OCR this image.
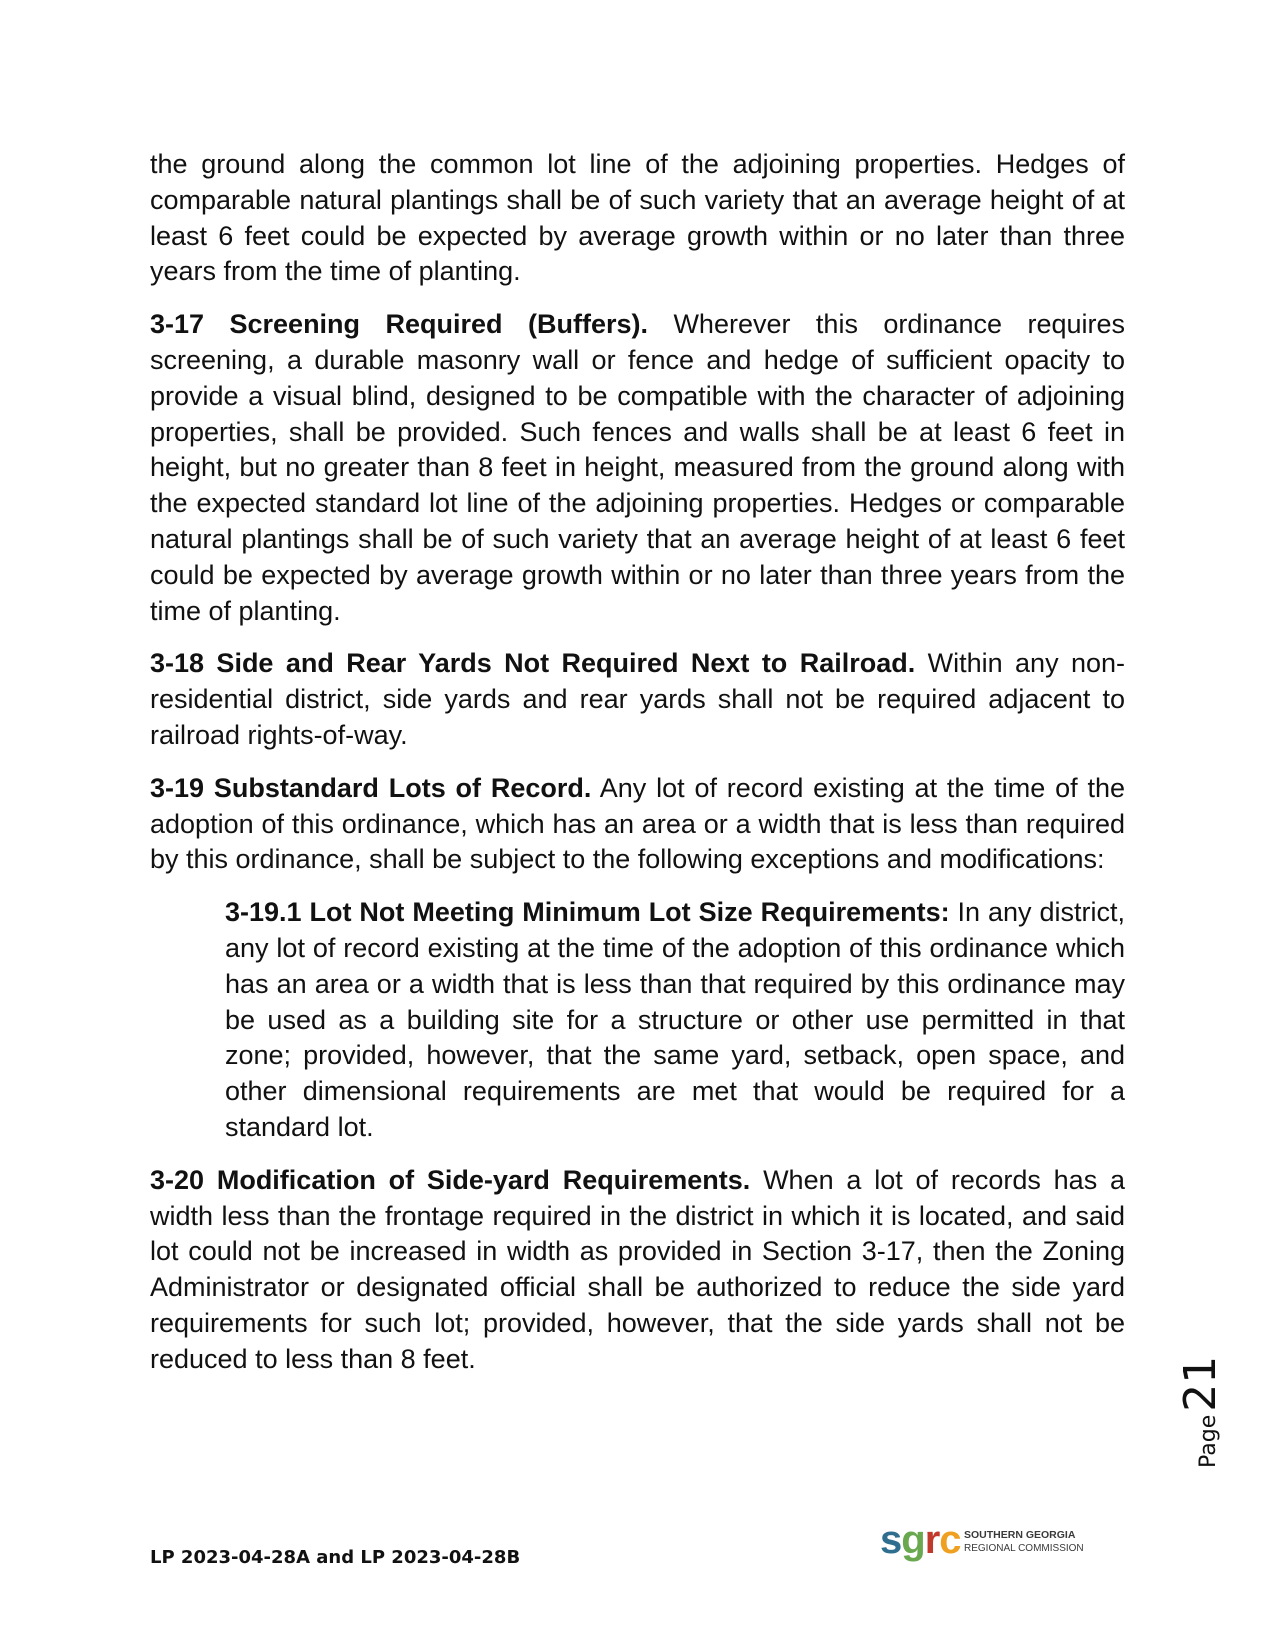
the ground along the common lot line of the adjoining properties. Hedges of comparable natural plantings shall be of such variety that an average height of at least 6 feet could be expected by average growth within or no later than three years from the time of planting.

3-17 Screening Required (Buffers). Wherever this ordinance requires screening, a durable masonry wall or fence and hedge of sufficient opacity to provide a visual blind, designed to be compatible with the character of adjoining properties, shall be provided. Such fences and walls shall be at least 6 feet in height, but no greater than 8 feet in height, measured from the ground along with the expected standard lot line of the adjoining properties. Hedges or comparable natural plantings shall be of such variety that an average height of at least 6 feet could be expected by average growth within or no later than three years from the time of planting.

3-18 Side and Rear Yards Not Required Next to Railroad. Within any non-residential district, side yards and rear yards shall not be required adjacent to railroad rights-of-way.

3-19 Substandard Lots of Record. Any lot of record existing at the time of the adoption of this ordinance, which has an area or a width that is less than required by this ordinance, shall be subject to the following exceptions and modifications:

3-19.1 Lot Not Meeting Minimum Lot Size Requirements: In any district, any lot of record existing at the time of the adoption of this ordinance which has an area or a width that is less than that required by this ordinance may be used as a building site for a structure or other use permitted in that zone; provided, however, that the same yard, setback, open space, and other dimensional requirements are met that would be required for a standard lot.

3-20 Modification of Side-yard Requirements. When a lot of records has a width less than the frontage required in the district in which it is located, and said lot could not be increased in width as provided in Section 3-17, then the Zoning Administrator or designated official shall be authorized to reduce the side yard requirements for such lot; provided, however, that the side yards shall not be reduced to less than 8 feet.

Page21
LP 2023-04-28A and LP 2023-04-28B	sgrc SOUTHERN GEORGIA
REGIONAL COMMISSION
